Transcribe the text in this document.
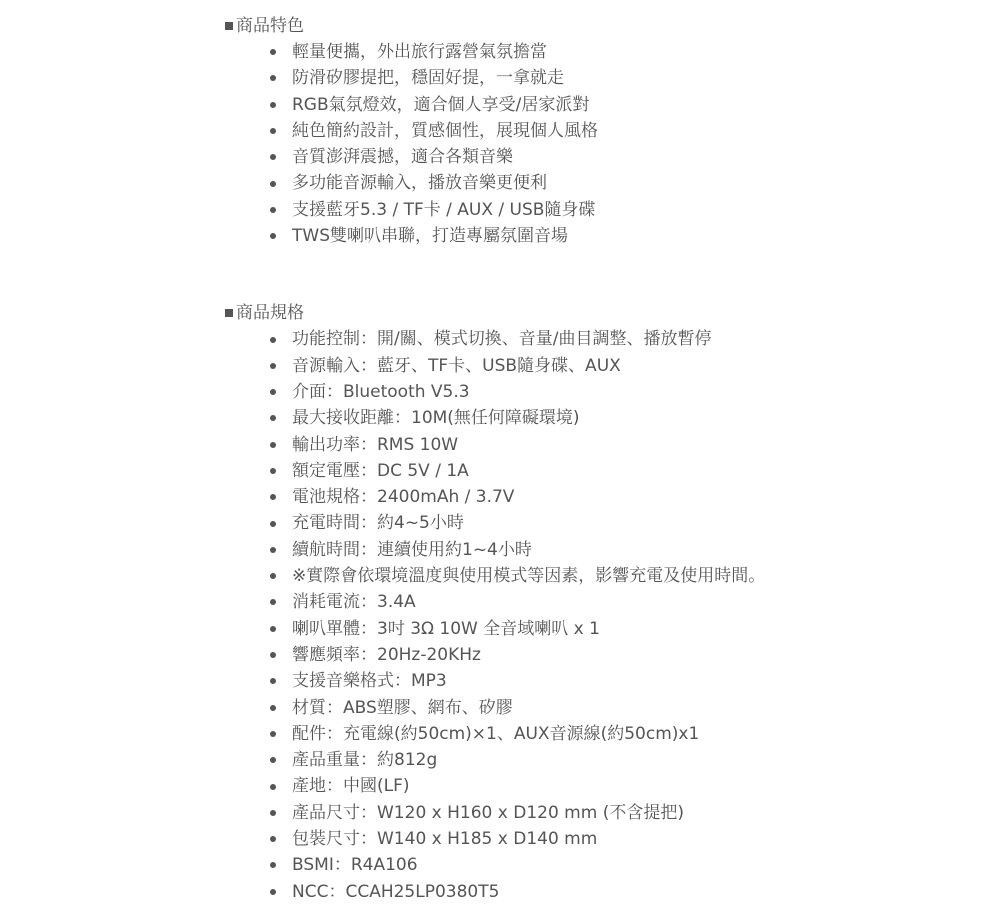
商品特色
輕量便攜，外出旅行露營氣氛擔當
防滑矽膠提把，穩固好提，一拿就走
RGB氣氛燈效，適合個人享受/居家派對
純色簡約設計，質感個性，展現個人風格
音質澎湃震撼，適合各類音樂
多功能音源輸入，播放音樂更便利
支援藍牙5.3 / TF卡 / AUX / USB隨身碟
TWS雙喇叭串聯，打造專屬氛圍音場
商品規格
功能控制：開/關、模式切換、音量/曲目調整、播放暫停
音源輸入：藍牙、TF卡、USB隨身碟、AUX
介面：Bluetooth V5.3
最大接收距離：10M(無任何障礙環境)
輸出功率：RMS 10W
額定電壓：DC 5V / 1A
電池規格：2400mAh / 3.7V
充電時間：約4~5小時
續航時間：連續使用約1~4小時
※實際會依環境溫度與使用模式等因素，影響充電及使用時間。
消耗電流：3.4A
喇叭單體：3吋 3Ω 10W 全音域喇叭 x 1
響應頻率：20Hz-20KHz
支援音樂格式：MP3
材質：ABS塑膠、網布、矽膠
配件：充電線(約50cm)×1、AUX音源線(約50cm)x1
產品重量：約812g
產地：中國(LF)
產品尺寸：W120 x H160 x D120 mm (不含提把)
包裝尺寸：W140 x H185 x D140 mm
BSMI：R4A106
NCC：CCAH25LP0380T5
